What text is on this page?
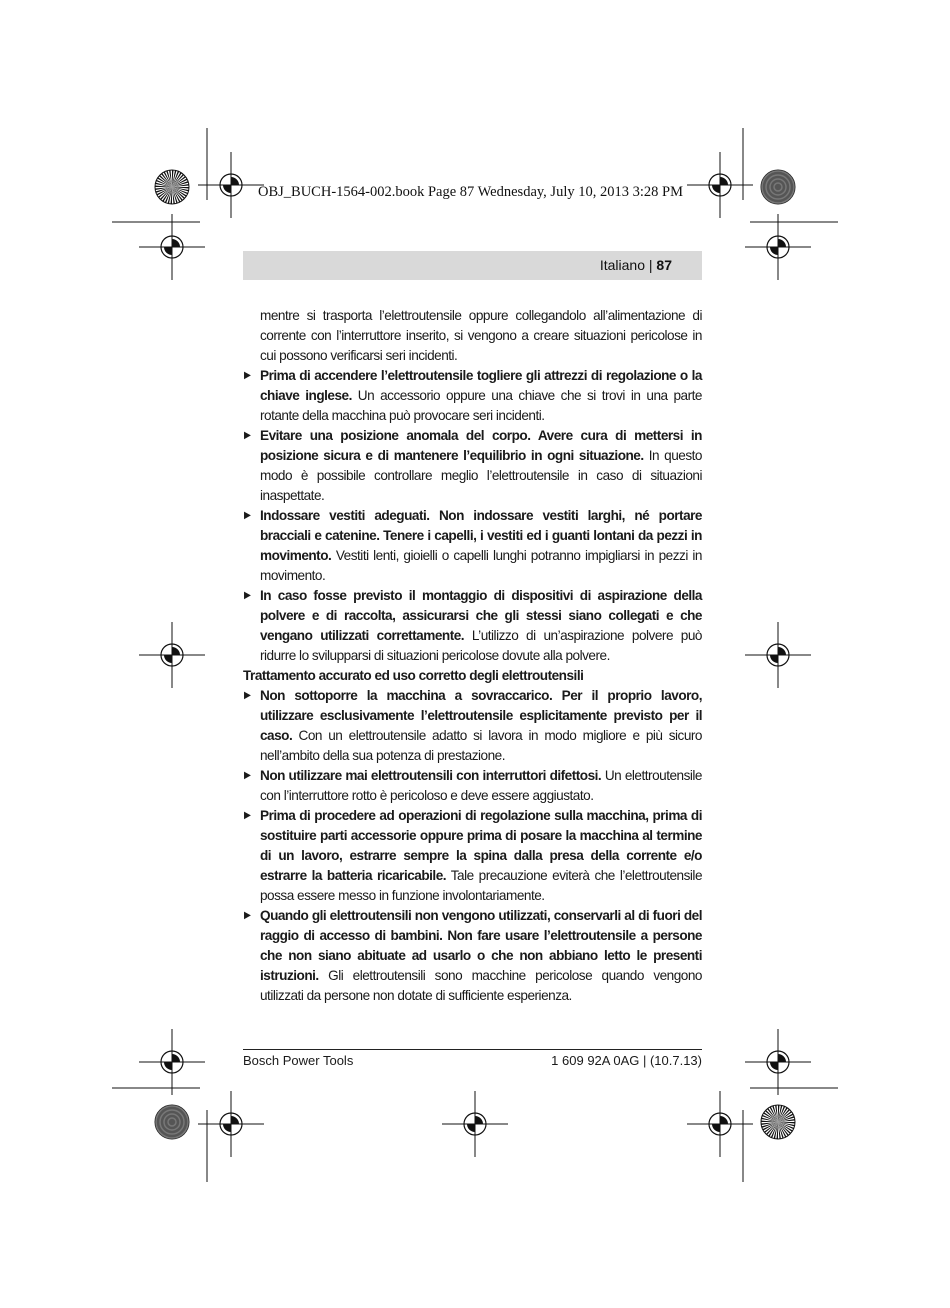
OBJ_BUCH-1564-002.book Page 87 Wednesday, July 10, 2013 3:28 PM
Italiano | 87

mentre si trasporta l’elettroutensile oppure collegandolo all’alimentazione di corrente con l’interruttore inserito, si vengono a creare situazioni pericolose in cui possono verificarsi seri incidenti.

▶ Prima di accendere l’elettroutensile togliere gli attrezzi di regolazione o la chiave inglese. Un accessorio oppure una chiave che si trovi in una parte rotante della macchina può provocare seri incidenti.

▶ Evitare una posizione anomala del corpo. Avere cura di mettersi in posizione sicura e di mantenere l’equilibrio in ogni situazione. In questo modo è possibile controllare meglio l’elettroutensile in caso di situazioni inaspettate.

▶ Indossare vestiti adeguati. Non indossare vestiti larghi, né portare bracciali e catenine. Tenere i capelli, i vestiti ed i guanti lontani da pezzi in movimento. Vestiti lenti, gioielli o capelli lunghi potranno impigliarsi in pezzi in movimento.

▶ In caso fosse previsto il montaggio di dispositivi di aspirazione della polvere e di raccolta, assicurarsi che gli stessi siano collegati e che vengano utilizzati correttamente. L’utilizzo di un’aspirazione polvere può ridurre lo svilupparsi di situazioni pericolose dovute alla polvere.

Trattamento accurato ed uso corretto degli elettroutensili

▶ Non sottoporre la macchina a sovraccarico. Per il proprio lavoro, utilizzare esclusivamente l’elettroutensile esplicitamente previsto per il caso. Con un elettroutensile adatto si lavora in modo migliore e più sicuro nell’ambito della sua potenza di prestazione.

▶ Non utilizzare mai elettroutensili con interruttori difettosi. Un elettroutensile con l’interruttore rotto è pericoloso e deve essere aggiustato.

▶ Prima di procedere ad operazioni di regolazione sulla macchina, prima di sostituire parti accessorie oppure prima di posare la macchina al termine di un lavoro, estrarre sempre la spina dalla presa della corrente e/o estrarre la batteria ricaricabile. Tale precauzione eviterà che l’elettroutensile possa essere messo in funzione involontariamente.

▶ Quando gli elettroutensili non vengono utilizzati, conservarli al di fuori del raggio di accesso di bambini. Non fare usare l’elettroutensile a persone che non siano abituate ad usarlo o che non abbiano letto le presenti istruzioni. Gli elettroutensili sono macchine pericolose quando vengono utilizzati da persone non dotate di sufficiente esperienza.

Bosch Power Tools	1 609 92A 0AG | (10.7.13)
